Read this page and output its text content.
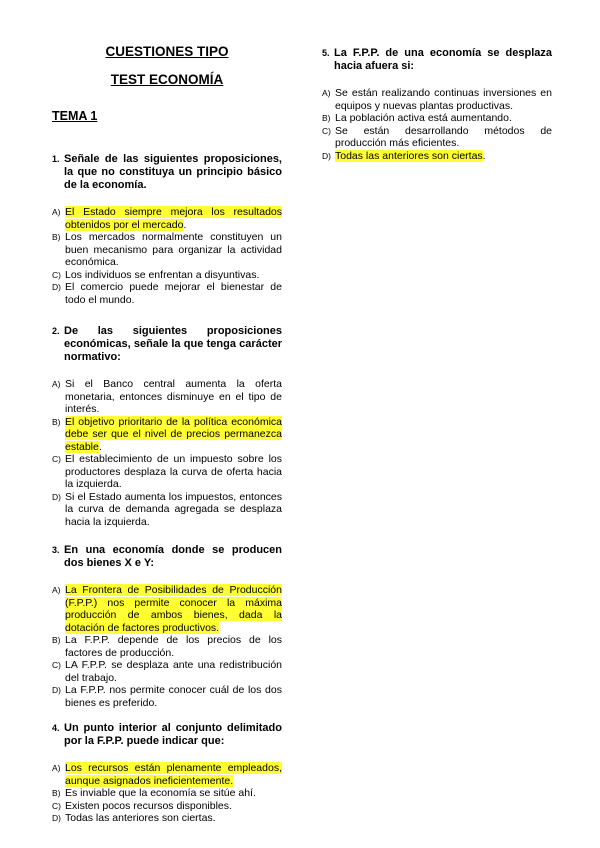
CUESTIONES TIPO
TEST ECONOMÍA
TEMA 1
1. Señale de las siguientes proposiciones, la que no constituya un principio básico de la economía.
A) El Estado siempre mejora los resultados obtenidos por el mercado.
B) Los mercados normalmente constituyen un buen mecanismo para organizar la actividad económica.
C) Los individuos se enfrentan a disyuntivas.
D) El comercio puede mejorar el bienestar de todo el mundo.
2. De las siguientes proposiciones económicas, señale la que tenga carácter normativo:
A) Si el Banco central aumenta la oferta monetaria, entonces disminuye en el tipo de interés.
B) El objetivo prioritario de la política económica debe ser que el nivel de precios permanezca estable.
C) El establecimiento de un impuesto sobre los productores desplaza la curva de oferta hacia la izquierda.
D) Si el Estado aumenta los impuestos, entonces la curva de demanda agregada se desplaza hacia la izquierda.
3. En una economía donde se producen dos bienes X e Y:
A) La Frontera de Posibilidades de Producción (F.P.P.) nos permite conocer la máxima producción de ambos bienes, dada la dotación de factores productivos.
B) La F.P.P. depende de los precios de los factores de producción.
C) LA F.P.P. se desplaza ante una redistribución del trabajo.
D) La F.P.P. nos permite conocer cuál de los dos bienes es preferido.
4. Un punto interior al conjunto delimitado por la F.P.P. puede indicar que:
A) Los recursos están plenamente empleados, aunque asignados ineficientemente.
B) Es inviable que la economía se sitúe ahí.
C) Existen pocos recursos disponibles.
D) Todas las anteriores son ciertas.
5. La F.P.P. de una economía se desplaza hacia afuera si:
A) Se están realizando continuas inversiones en equipos y nuevas plantas productivas.
B) La población activa está aumentando.
C) Se están desarrollando métodos de producción más eficientes.
D) Todas las anteriores son ciertas.
